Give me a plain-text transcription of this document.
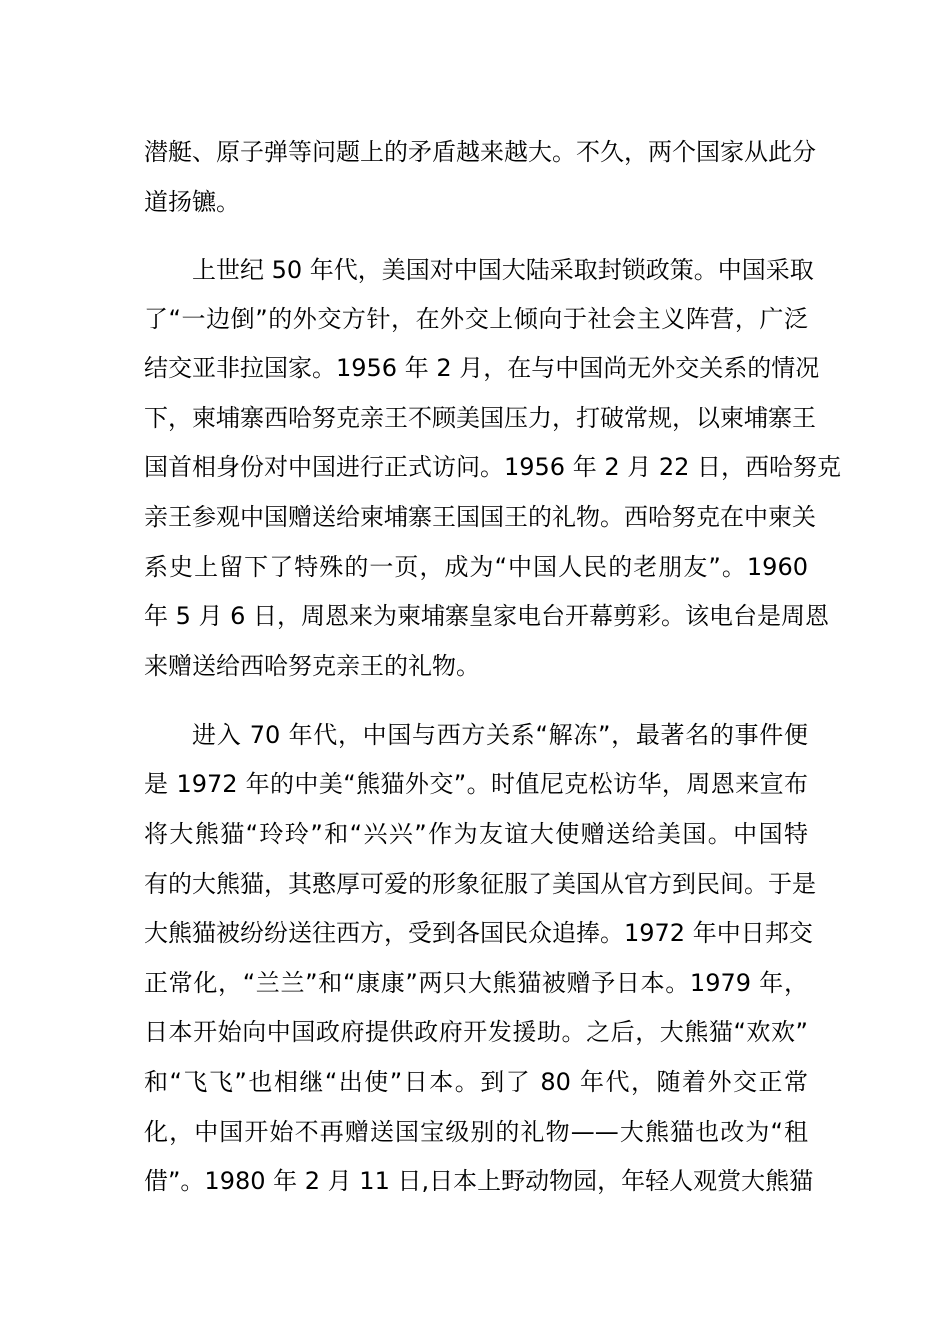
潜艇、原子弹等问题上的矛盾越来越大。不久，两个国家从此分
道扬镳。
上世纪 50 年代，美国对中国大陆采取封锁政策。中国采取
了“一边倒”的外交方针，在外交上倾向于社会主义阵营，广泛
结交亚非拉国家。1956 年 2 月，在与中国尚无外交关系的情况
下，柬埔寨西哈努克亲王不顾美国压力，打破常规，以柬埔寨王
国首相身份对中国进行正式访问。1956 年 2 月 22 日，西哈努克
亲王参观中国赠送给柬埔寨王国国王的礼物。西哈努克在中柬关
系史上留下了特殊的一页，成为“中国人民的老朋友”。1960
年 5 月 6 日，周恩来为柬埔寨皇家电台开幕剪彩。该电台是周恩
来赠送给西哈努克亲王的礼物。
进入 70 年代，中国与西方关系“解冻”，最著名的事件便
是 1972 年的中美“熊猫外交”。时值尼克松访华，周恩来宣布
将大熊猫“玲玲”和“兴兴”作为友谊大使赠送给美国。中国特
有的大熊猫，其憨厚可爱的形象征服了美国从官方到民间。于是
大熊猫被纷纷送往西方，受到各国民众追捧。1972 年中日邦交
正常化，“兰兰”和“康康”两只大熊猫被赠予日本。1979 年，
日本开始向中国政府提供政府开发援助。之后，大熊猫“欢欢”
和“飞飞”也相继“出使”日本。到了 80 年代，随着外交正常
化，中国开始不再赠送国宝级别的礼物——大熊猫也改为“租
借”。1980 年 2 月 11 日,日本上野动物园，年轻人观赏大熊猫
